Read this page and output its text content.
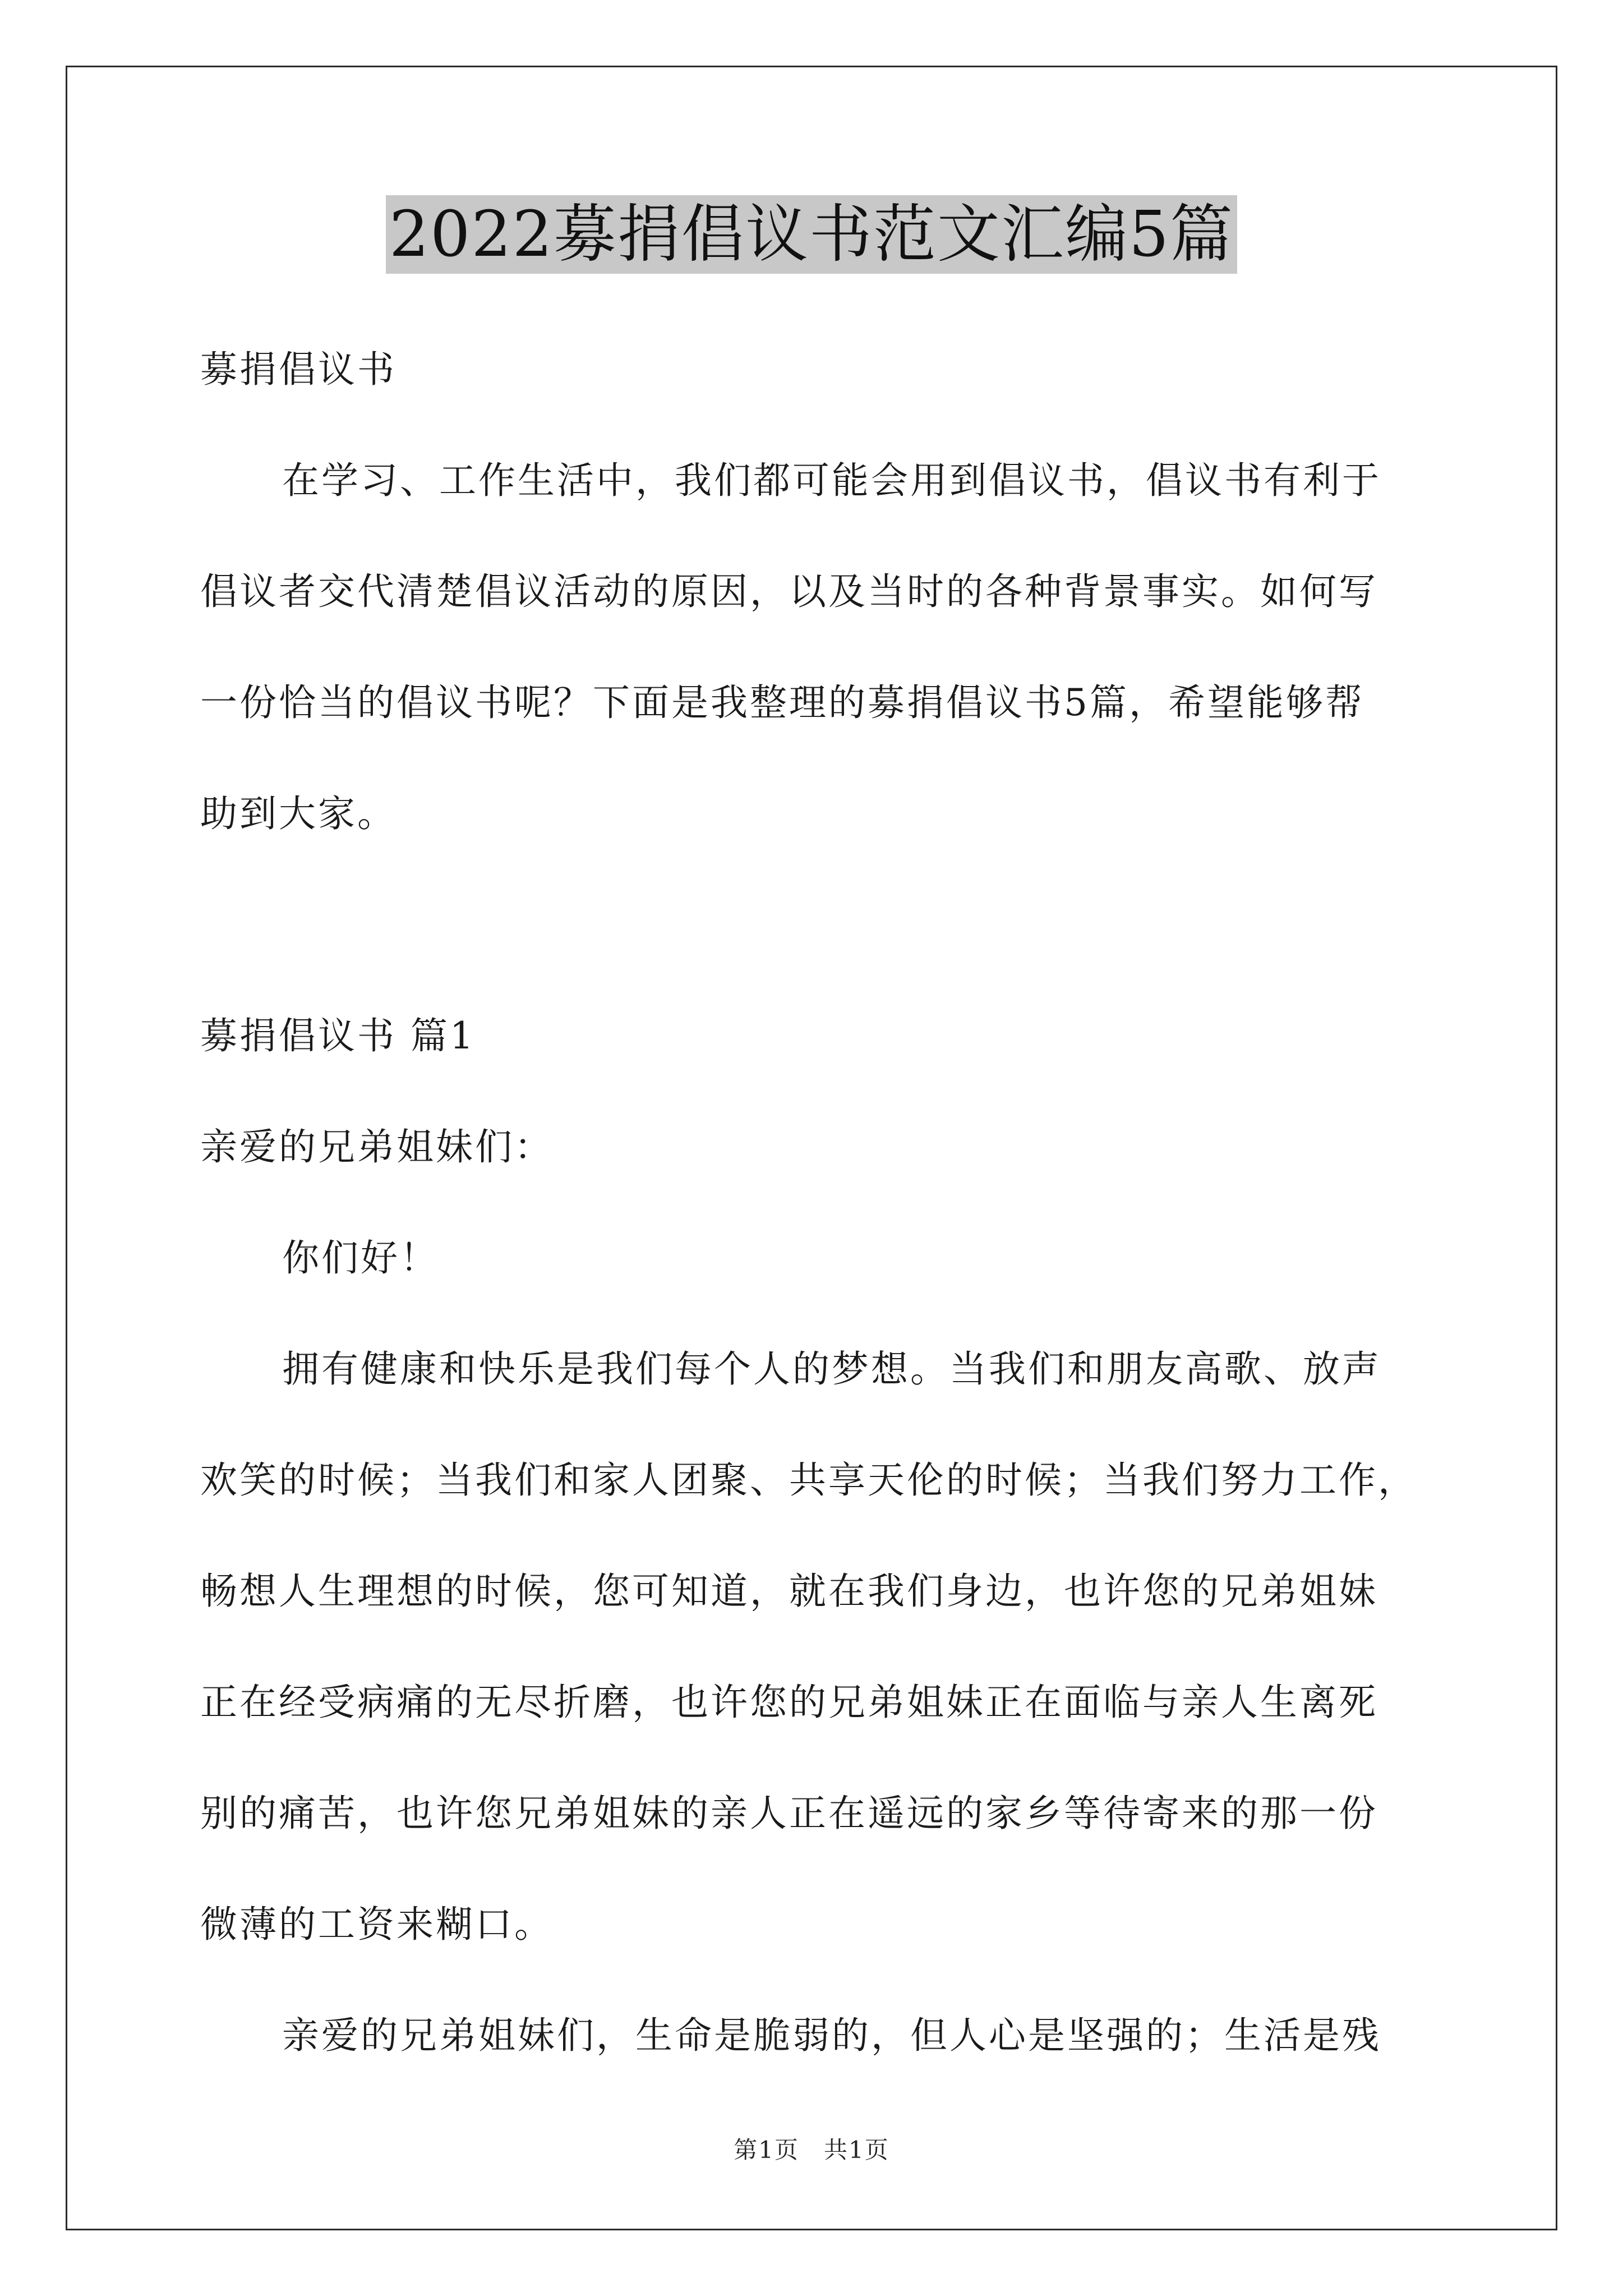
2022募捐倡议书范文汇编5篇
募捐倡议书
在学习、工作生活中，我们都可能会用到倡议书，倡议书有利于
倡议者交代清楚倡议活动的原因，以及当时的各种背景事实。如何写
一份恰当的倡议书呢？下面是我整理的募捐倡议书5篇，希望能够帮
助到大家。
募捐倡议书 篇1
亲爱的兄弟姐妹们：
你们好！
拥有健康和快乐是我们每个人的梦想。当我们和朋友高歌、放声
欢笑的时候；当我们和家人团聚、共享天伦的时候；当我们努力工作，
畅想人生理想的时候，您可知道，就在我们身边，也许您的兄弟姐妹
正在经受病痛的无尽折磨，也许您的兄弟姐妹正在面临与亲人生离死
别的痛苦，也许您兄弟姐妹的亲人正在遥远的家乡等待寄来的那一份
微薄的工资来糊口。
亲爱的兄弟姐妹们，生命是脆弱的，但人心是坚强的；生活是残
第1页　共1页
